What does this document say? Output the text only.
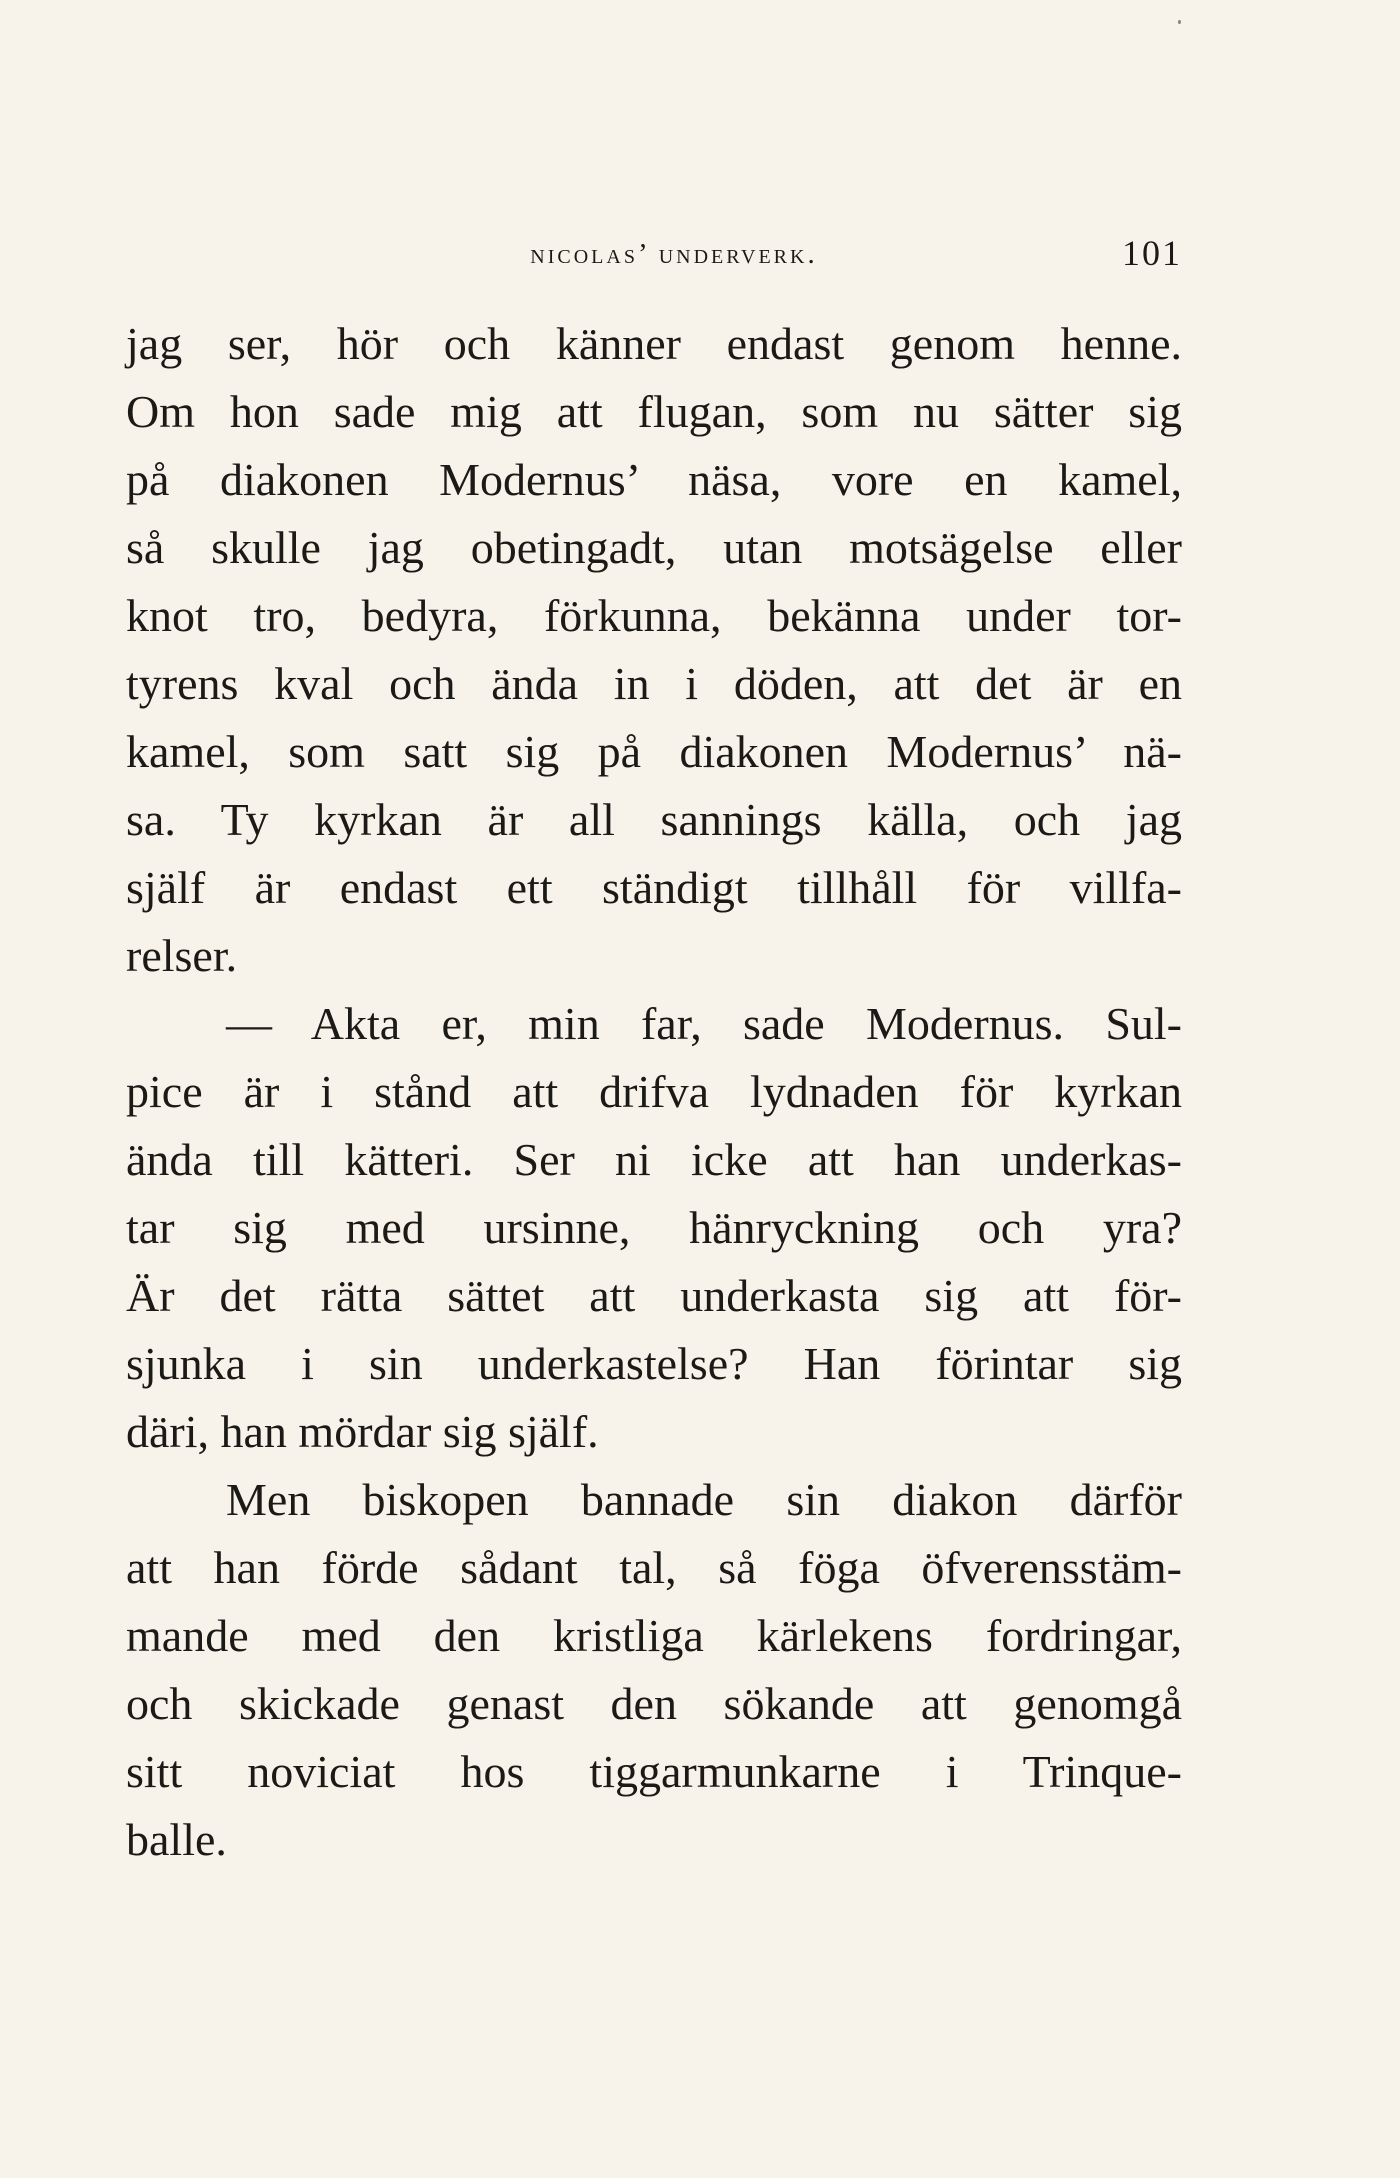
nicolas’ underverk.	101
jag ser, hör och känner endast genom henne.
Om hon sade mig att flugan, som nu sätter sig
på diakonen Modernus’ näsa, vore en kamel,
så skulle jag obetingadt, utan motsägelse eller
knot tro, bedyra, förkunna, bekänna under tor-
tyrens kval och ända in i döden, att det är en
kamel, som satt sig på diakonen Modernus’ nä-
sa. Ty kyrkan är all sannings källa, och jag
själf är endast ett ständigt tillhåll för villfa-
relser.
— Akta er, min far, sade Modernus. Sul-
pice är i stånd att drifva lydnaden för kyrkan
ända till kätteri. Ser ni icke att han underkas-
tar sig med ursinne, hänryckning och yra?
Är det rätta sättet att underkasta sig att för-
sjunka i sin underkastelse? Han förintar sig
däri, han mördar sig själf.
Men biskopen bannade sin diakon därför
att han förde sådant tal, så föga öfverensstäm-
mande med den kristliga kärlekens fordringar,
och skickade genast den sökande att genomgå
sitt noviciat hos tiggarmunkarne i Trinque-
balle.
